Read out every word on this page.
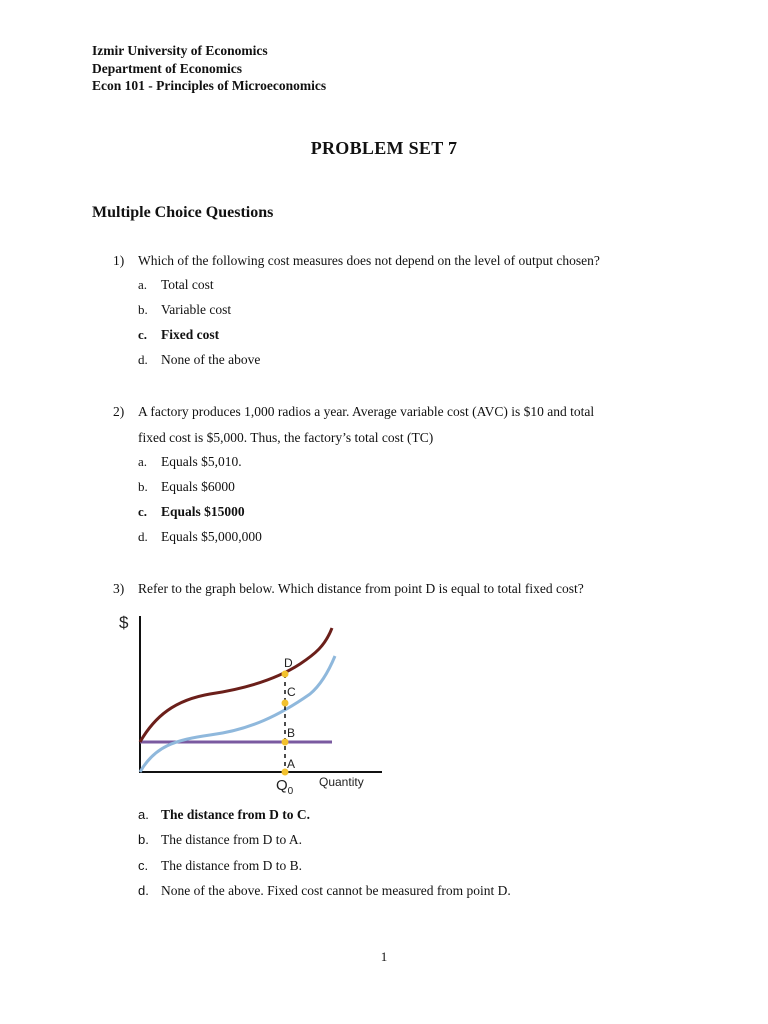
Izmir University of Economics
Department of Economics
Econ 101 - Principles of Microeconomics
PROBLEM SET 7
Multiple Choice Questions
1) Which of the following cost measures does not depend on the level of output chosen?
a. Total cost
b. Variable cost
c. Fixed cost
d. None of the above
2) A factory produces 1,000 radios a year. Average variable cost (AVC) is $10 and total
fixed cost is $5,000. Thus, the factory’s total cost (TC)
a. Equals $5,010.
b. Equals $6000
c. Equals $15000
d. Equals $5,000,000
3) Refer to the graph below. Which distance from point D is equal to total fixed cost?
$
D
C
B
A
$Q_0$
Quantity
a. The distance from D to C.
b. The distance from D to A.
c. The distance from D to B.
d. None of the above. Fixed cost cannot be measured from point D.
1
